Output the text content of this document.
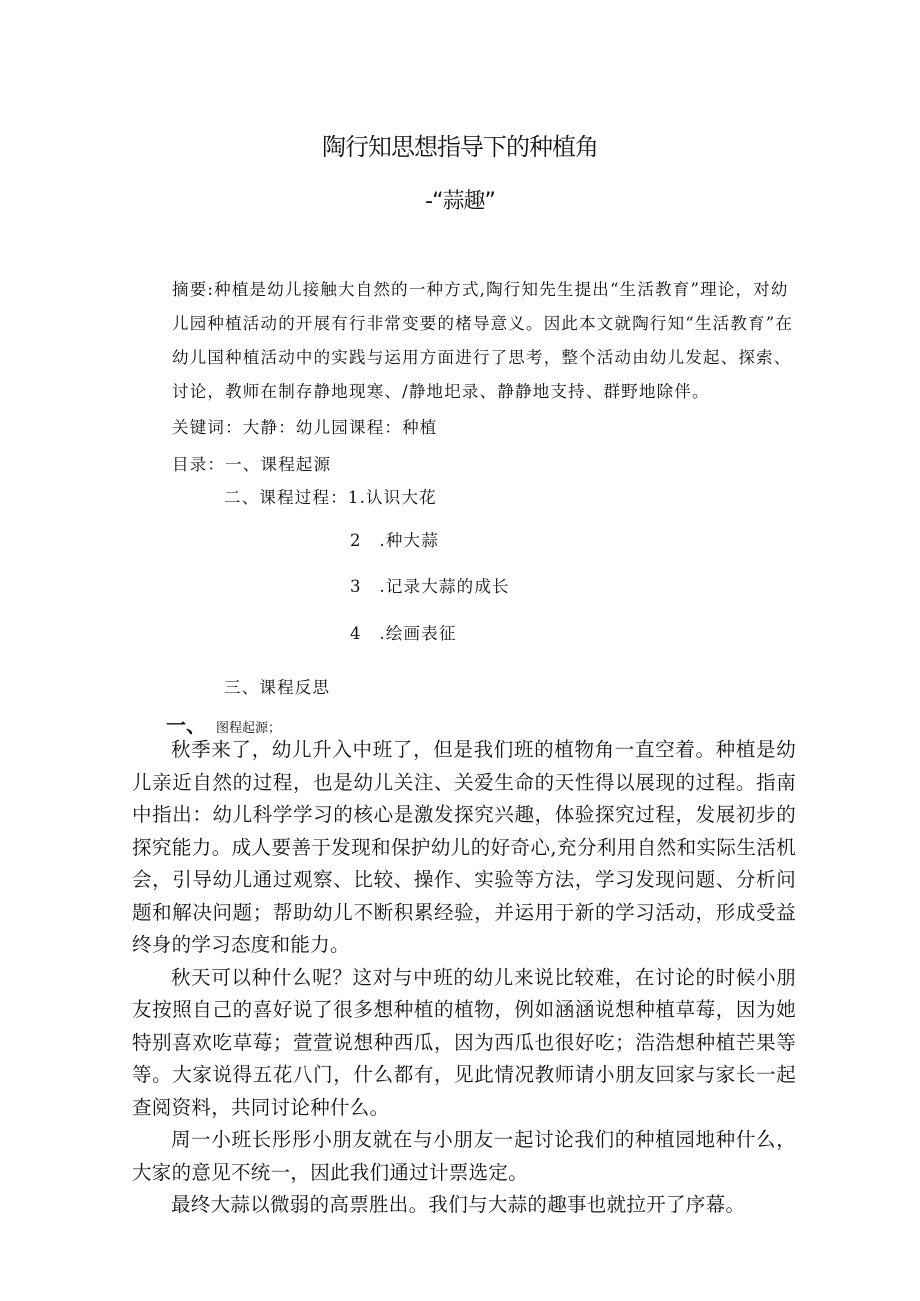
陶行知思想指导下的种植角
-“蒜趣”
摘要:种植是幼儿接触大自然的一种方式,陶行知先生提出“生活教育”理论，对幼儿园种植活动的开展有行非常变要的楮导意义。因此本文就陶行知“生活教育”在幼儿国种植活动中的实践与运用方面进行了思考，整个活动由幼儿发起、探索、讨论，教师在制存静地现寒、/静地圯录、静静地支持、群野地除伴。
关键词：大静：幼儿园课程：种植
目录：一、课程起源
二、课程过程：1.认识大花
2 .种大蒜
3 .记录大蒜的成长
4 .绘画表征
三、课程反思
一、 图程起源；

秋季来了，幼儿升入中班了，但是我们班的植物角一直空着。种植是幼儿亲近自然的过程，也是幼儿关注、关爱生命的天性得以展现的过程。指南中指出：幼儿科学学习的核心是激发探究兴趣，体验探究过程，发展初步的探究能力。成人要善于发现和保护幼儿的好奇心,充分利用自然和实际生活机会，引导幼儿通过观察、比较、操作、实验等方法，学习发现问题、分析问题和解决问题；帮助幼儿不断积累经验，并运用于新的学习活动，形成受益终身的学习态度和能力。

秋天可以种什么呢？这对与中班的幼儿来说比较难，在讨论的时候小朋友按照自己的喜好说了很多想种植的植物，例如涵涵说想种植草莓，因为她特别喜欢吃草莓；萱萱说想种西瓜，因为西瓜也很好吃；浩浩想种植芒果等等。大家说得五花八门，什么都有，见此情况教师请小朋友回家与家长一起查阅资料，共同讨论种什么。

周一小班长彤彤小朋友就在与小朋友一起讨论我们的种植园地种什么，大家的意见不统一，因此我们通过计票选定。

最终大蒜以微弱的高票胜出。我们与大蒜的趣事也就拉开了序幕。
